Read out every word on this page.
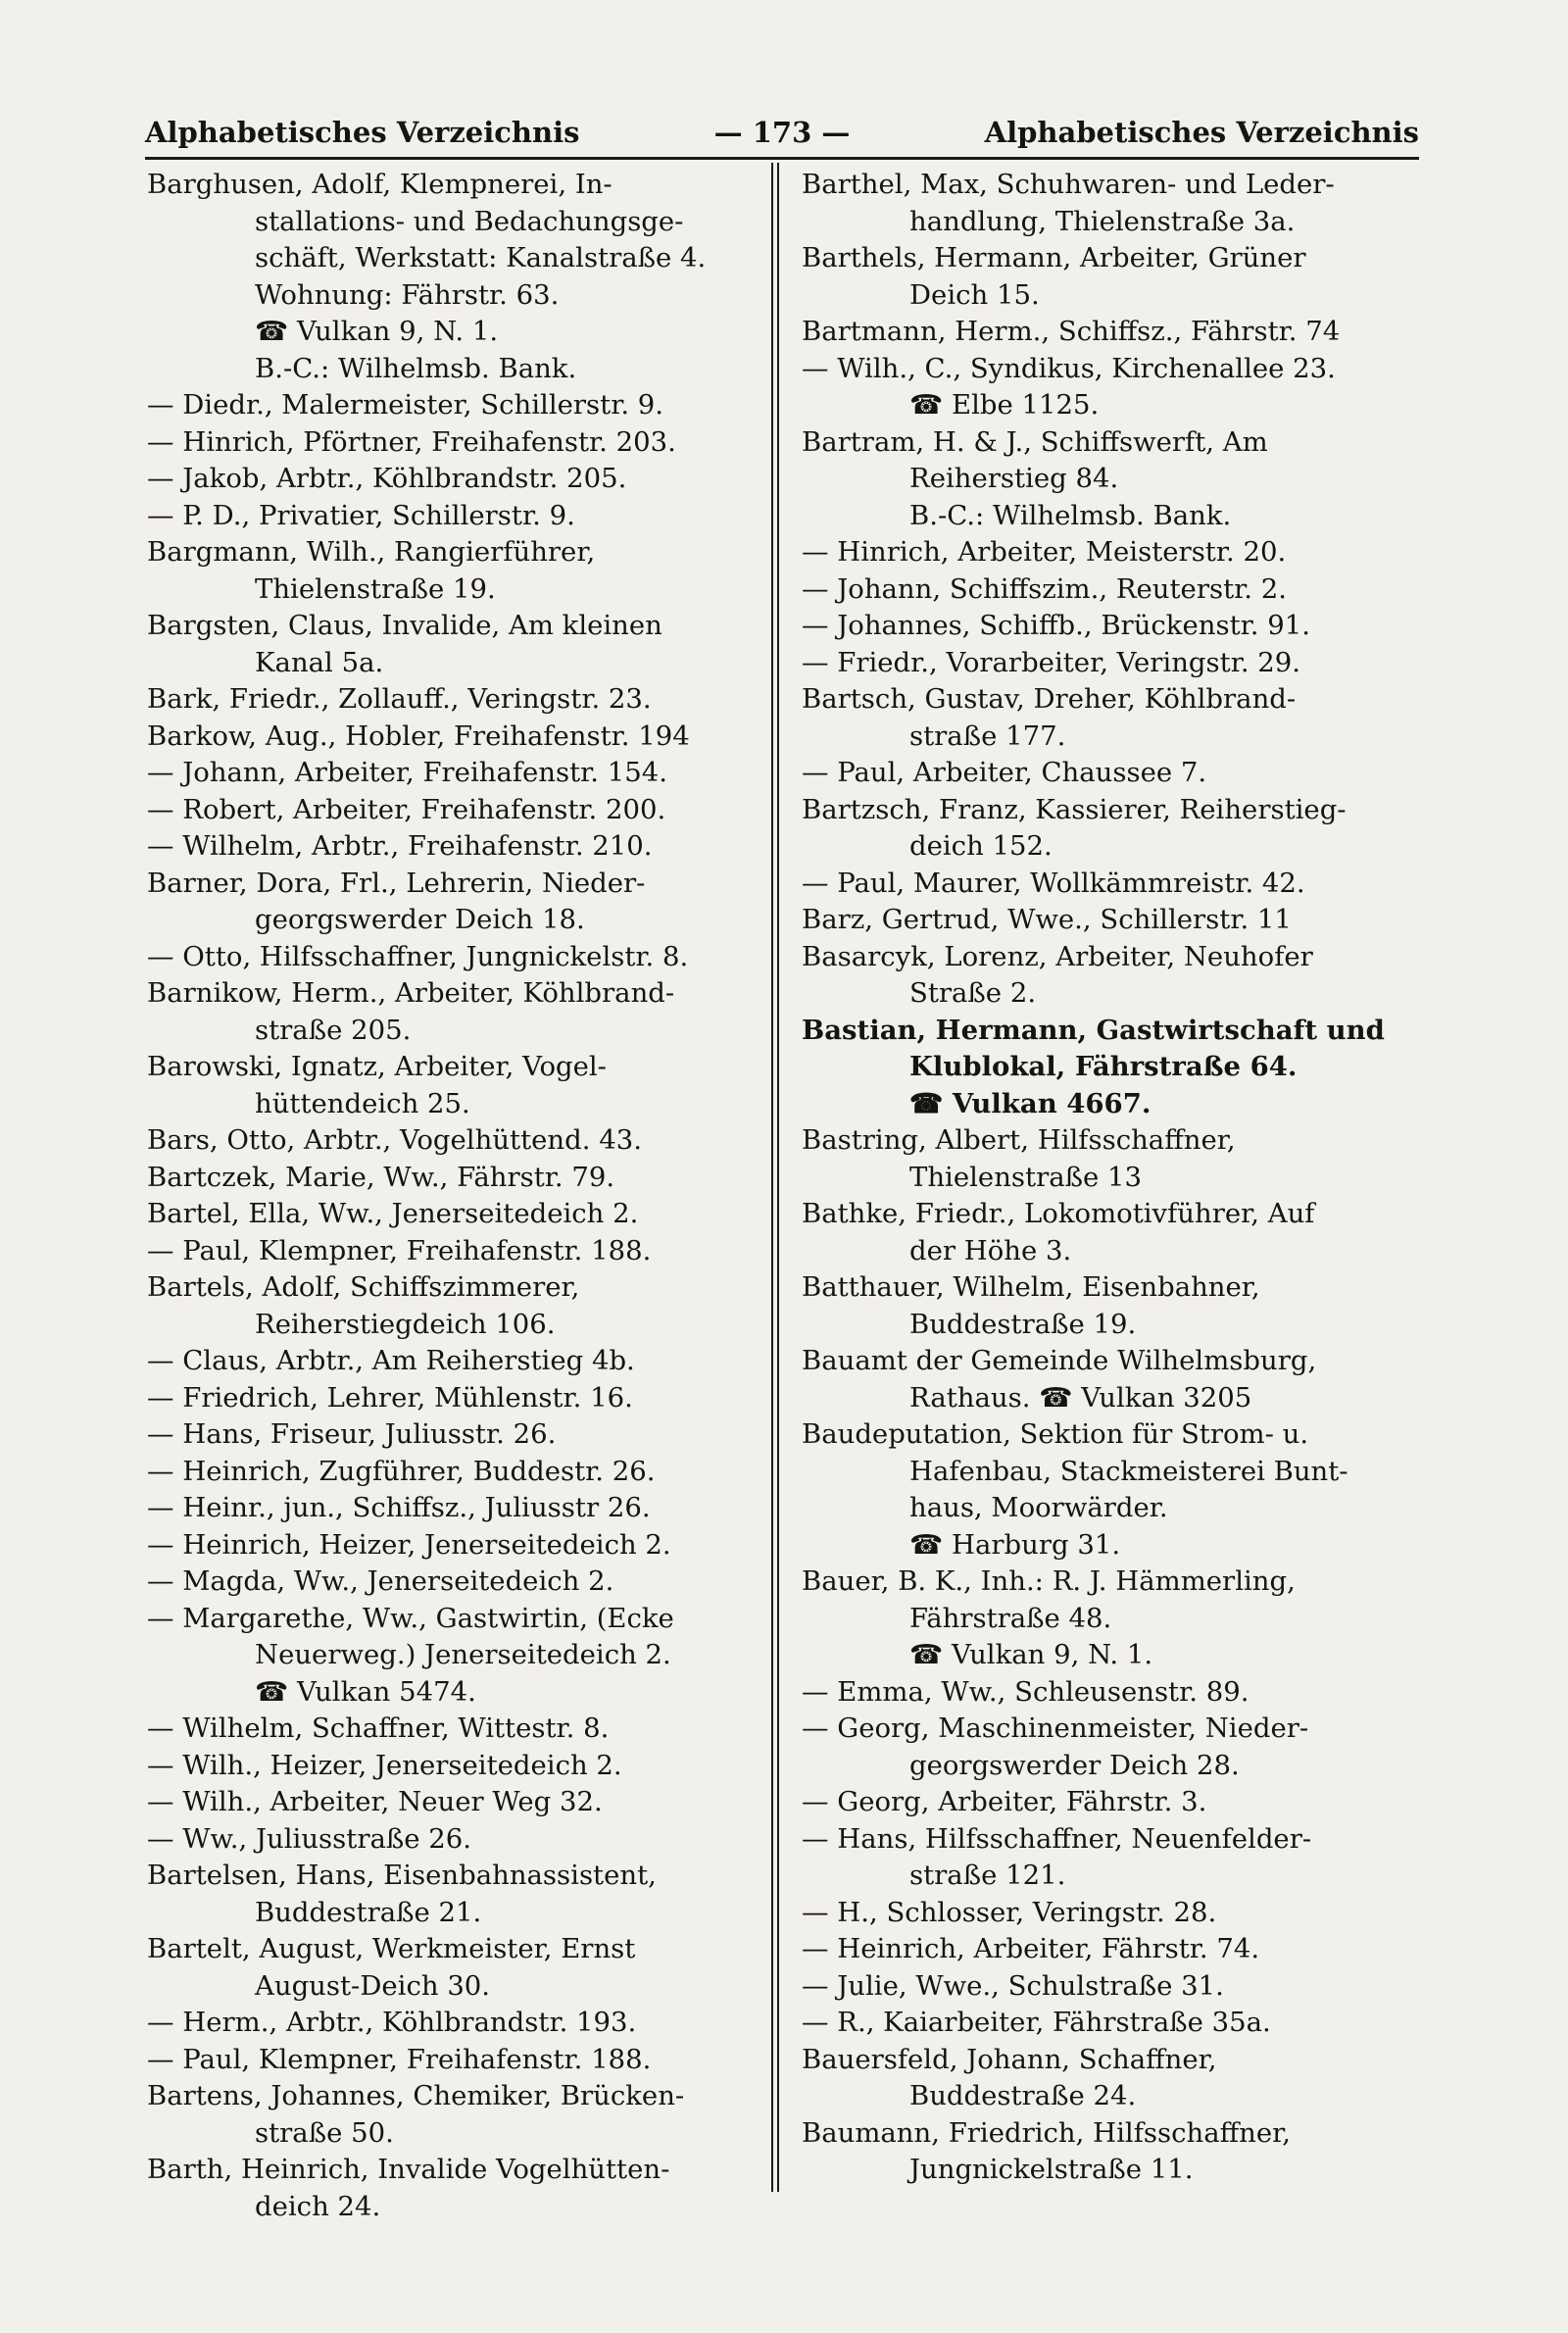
Alphabetisches Verzeichnis	— 173 —	Alphabetisches Verzeichnis
Barghusen, Adolf, Klempnerei, In-
stallations- und Bedachungsge-
schäft, Werkstatt: Kanalstraße 4.
Wohnung: Fährstr. 63.
☎ Vulkan 9, N. 1.
B.-C.: Wilhelmsb. Bank.
— Diedr., Malermeister, Schillerstr. 9.
— Hinrich, Pförtner, Freihafenstr. 203.
— Jakob, Arbtr., Köhlbrandstr. 205.
— P. D., Privatier, Schillerstr. 9.
Bargmann, Wilh., Rangierführer,
Thielenstraße 19.
Bargsten, Claus, Invalide, Am kleinen
Kanal 5a.
Bark, Friedr., Zollauff., Veringstr. 23.
Barkow, Aug., Hobler, Freihafenstr. 194
— Johann, Arbeiter, Freihafenstr. 154.
— Robert, Arbeiter, Freihafenstr. 200.
— Wilhelm, Arbtr., Freihafenstr. 210.
Barner, Dora, Frl., Lehrerin, Nieder-
georgswerder Deich 18.
— Otto, Hilfsschaffner, Jungnickelstr. 8.
Barnikow, Herm., Arbeiter, Köhlbrand-
straße 205.
Barowski, Ignatz, Arbeiter, Vogel-
hüttendeich 25.
Bars, Otto, Arbtr., Vogelhüttend. 43.
Bartczek, Marie, Ww., Fährstr. 79.
Bartel, Ella, Ww., Jenerseitedeich 2.
— Paul, Klempner, Freihafenstr. 188.
Bartels, Adolf, Schiffszimmerer,
Reiherstiegdeich 106.
— Claus, Arbtr., Am Reiherstieg 4b.
— Friedrich, Lehrer, Mühlenstr. 16.
— Hans, Friseur, Juliusstr. 26.
— Heinrich, Zugführer, Buddestr. 26.
— Heinr., jun., Schiffsz., Juliusstr 26.
— Heinrich, Heizer, Jenerseitedeich 2.
— Magda, Ww., Jenerseitedeich 2.
— Margarethe, Ww., Gastwirtin, (Ecke
Neuerweg.) Jenerseitedeich 2.
☎ Vulkan 5474.
— Wilhelm, Schaffner, Wittestr. 8.
— Wilh., Heizer, Jenerseitedeich 2.
— Wilh., Arbeiter, Neuer Weg 32.
— Ww., Juliusstraße 26.
Bartelsen, Hans, Eisenbahnassistent,
Buddestraße 21.
Bartelt, August, Werkmeister, Ernst
August-Deich 30.
— Herm., Arbtr., Köhlbrandstr. 193.
— Paul, Klempner, Freihafenstr. 188.
Bartens, Johannes, Chemiker, Brücken-
straße 50.
Barth, Heinrich, Invalide Vogelhütten-
deich 24.
Barthel, Max, Schuhwaren- und Leder-
handlung, Thielenstraße 3a.
Barthels, Hermann, Arbeiter, Grüner
Deich 15.
Bartmann, Herm., Schiffsz., Fährstr. 74
— Wilh., C., Syndikus, Kirchenallee 23.
☎ Elbe 1125.
Bartram, H. & J., Schiffswerft, Am
Reiherstieg 84.
B.-C.: Wilhelmsb. Bank.
— Hinrich, Arbeiter, Meisterstr. 20.
— Johann, Schiffszim., Reuterstr. 2.
— Johannes, Schiffb., Brückenstr. 91.
— Friedr., Vorarbeiter, Veringstr. 29.
Bartsch, Gustav, Dreher, Köhlbrand-
straße 177.
— Paul, Arbeiter, Chaussee 7.
Bartzsch, Franz, Kassierer, Reiherstieg-
deich 152.
— Paul, Maurer, Wollkämmreistr. 42.
Barz, Gertrud, Wwe., Schillerstr. 11
Basarcyk, Lorenz, Arbeiter, Neuhofer
Straße 2.
Bastian, Hermann, Gastwirtschaft und
Klublokal, Fährstraße 64.
☎ Vulkan 4667.
Bastring, Albert, Hilfsschaffner,
Thielenstraße 13
Bathke, Friedr., Lokomotivführer, Auf
der Höhe 3.
Batthauer, Wilhelm, Eisenbahner,
Buddestraße 19.
Bauamt der Gemeinde Wilhelmsburg,
Rathaus. ☎ Vulkan 3205
Baudeputation, Sektion für Strom- u.
Hafenbau, Stackmeisterei Bunt-
haus, Moorwärder.
☎ Harburg 31.
Bauer, B. K., Inh.: R. J. Hämmerling,
Fährstraße 48.
☎ Vulkan 9, N. 1.
— Emma, Ww., Schleusenstr. 89.
— Georg, Maschinenmeister, Nieder-
georgswerder Deich 28.
— Georg, Arbeiter, Fährstr. 3.
— Hans, Hilfsschaffner, Neuenfelder-
straße 121.
— H., Schlosser, Veringstr. 28.
— Heinrich, Arbeiter, Fährstr. 74.
— Julie, Wwe., Schulstraße 31.
— R., Kaiarbeiter, Fährstraße 35a.
Bauersfeld, Johann, Schaffner,
Buddestraße 24.
Baumann, Friedrich, Hilfsschaffner,
Jungnickelstraße 11.
